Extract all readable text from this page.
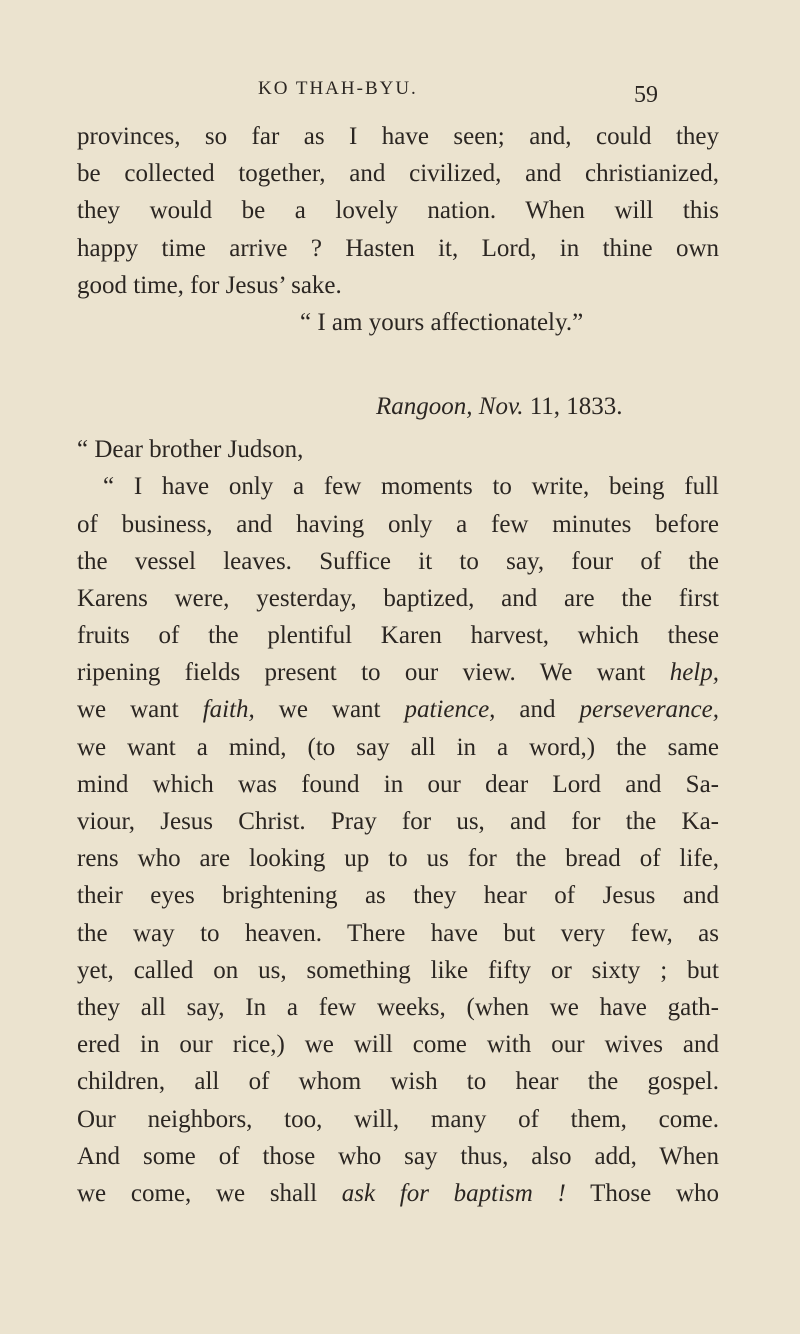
KO THAH-BYU.	59
provinces, so far as I have seen; and, could they
be collected together, and civilized, and christianized,
they would be a lovely nation. When will this
happy time arrive ? Hasten it, Lord, in thine own
good time, for Jesus’ sake.
“ I am yours affectionately.”
Rangoon, Nov. 11, 1833.
“ Dear brother Judson,
“ I have only a few moments to write, being full
of business, and having only a few minutes before
the vessel leaves. Suffice it to say, four of the
Karens were, yesterday, baptized, and are the first
fruits of the plentiful Karen harvest, which these
ripening fields present to our view. We want help,
we want faith, we want patience, and perseverance,
we want a mind, (to say all in a word,) the same
mind which was found in our dear Lord and Sa-
viour, Jesus Christ. Pray for us, and for the Ka-
rens who are looking up to us for the bread of life,
their eyes brightening as they hear of Jesus and
the way to heaven. There have but very few, as
yet, called on us, something like fifty or sixty ; but
they all say, In a few weeks, (when we have gath-
ered in our rice,) we will come with our wives and
children, all of whom wish to hear the gospel.
Our neighbors, too, will, many of them, come.
And some of those who say thus, also add, When
we come, we shall ask for baptism ! Those who
